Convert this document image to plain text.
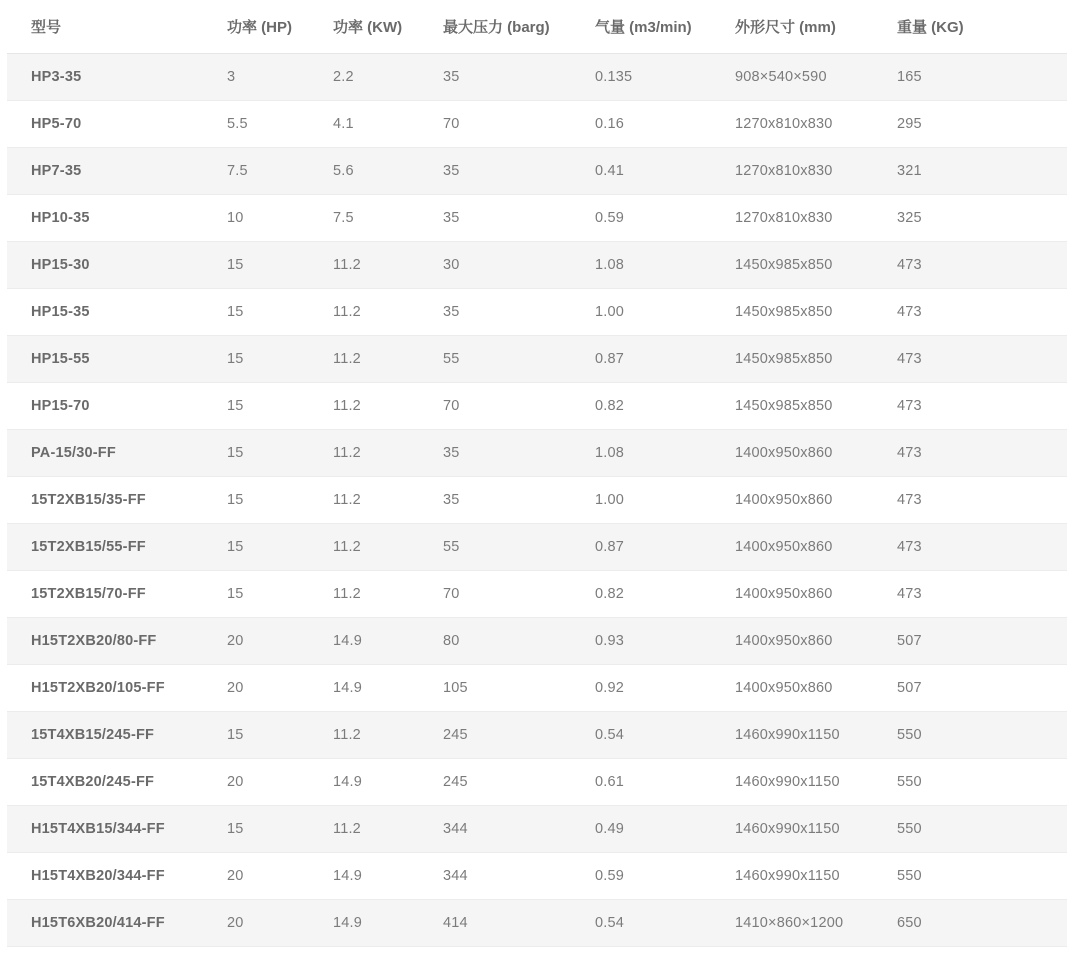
型号	功率 (HP)	功率 (KW)	最大压力 (barg)	气量 (m3/min)	外形尺寸 (mm)	重量 (KG)
HP3-35	3	2.2	35	0.135	908×540×590	165
HP5-70	5.5	4.1	70	0.16	1270x810x830	295
HP7-35	7.5	5.6	35	0.41	1270x810x830	321
HP10-35	10	7.5	35	0.59	1270x810x830	325
HP15-30	15	11.2	30	1.08	1450x985x850	473
HP15-35	15	11.2	35	1.00	1450x985x850	473
HP15-55	15	11.2	55	0.87	1450x985x850	473
HP15-70	15	11.2	70	0.82	1450x985x850	473
PA-15/30-FF	15	11.2	35	1.08	1400x950x860	473
15T2XB15/35-FF	15	11.2	35	1.00	1400x950x860	473
15T2XB15/55-FF	15	11.2	55	0.87	1400x950x860	473
15T2XB15/70-FF	15	11.2	70	0.82	1400x950x860	473
H15T2XB20/80-FF	20	14.9	80	0.93	1400x950x860	507
H15T2XB20/105-FF	20	14.9	105	0.92	1400x950x860	507
15T4XB15/245-FF	15	11.2	245	0.54	1460x990x1150	550
15T4XB20/245-FF	20	14.9	245	0.61	1460x990x1150	550
H15T4XB15/344-FF	15	11.2	344	0.49	1460x990x1150	550
H15T4XB20/344-FF	20	14.9	344	0.59	1460x990x1150	550
H15T6XB20/414-FF	20	14.9	414	0.54	1410×860×1200	650
